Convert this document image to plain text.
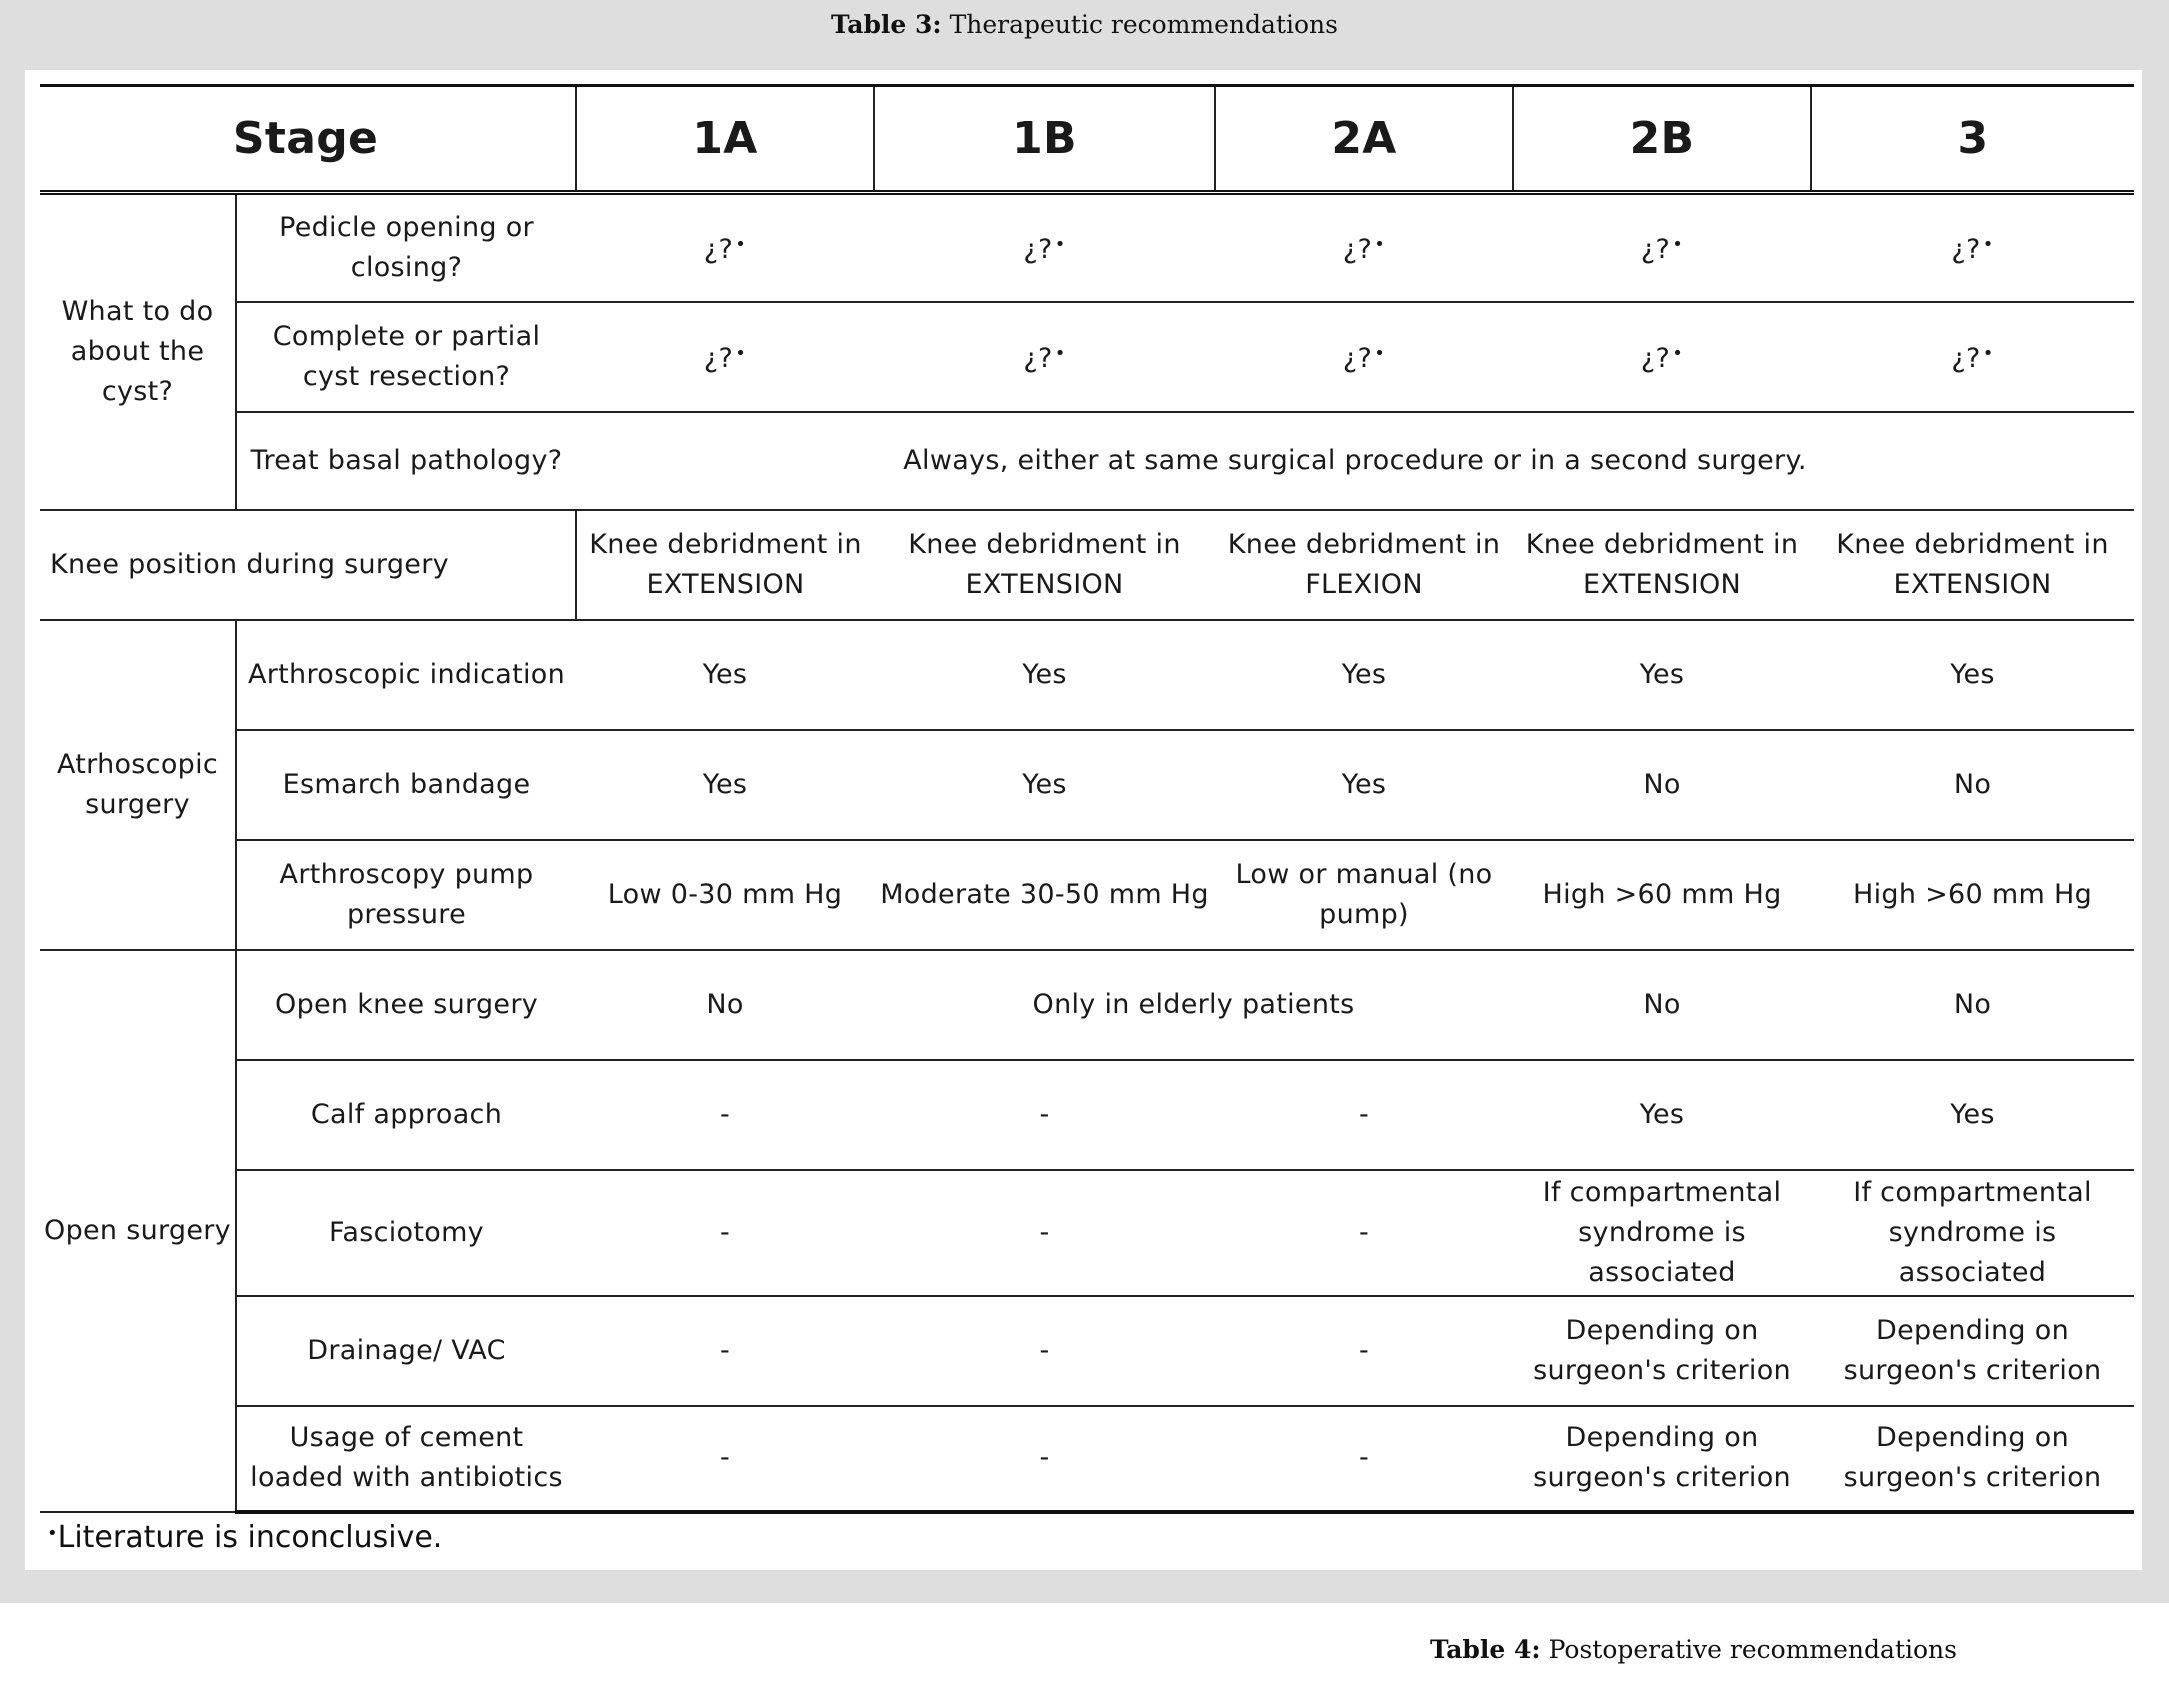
Table 3: Therapeutic recommendations
Stage		1A	1B	2A	2B	3
What to do about the cyst?	Pedicle opening or closing?	¿? •	¿? •	¿? •	¿? •	¿? •
	Complete or partial cyst resection?	¿? •	¿? •	¿? •	¿? •	¿? •
	Treat basal pathology?	Always, either at same surgical procedure or in a second surgery.				
Knee position during surgery		Knee debridment in EXTENSION	Knee debridment in EXTENSION	Knee debridment in FLEXION	Knee debridment in EXTENSION	Knee debridment in EXTENSION
Atrhoscopic surgery	Arthroscopic indication	Yes	Yes	Yes	Yes	Yes
	Esmarch bandage	Yes	Yes	Yes	No	No
	Arthroscopy pump pressure	Low 0-30 mm Hg	Moderate 30-50 mm Hg	Low or manual (no pump)	High >60 mm Hg	High >60 mm Hg
Open surgery	Open knee surgery	No	Only in elderly patients		No	No
	Calf approach	-	-	-	Yes	Yes
	Fasciotomy	-	-	-	If compartmental syndrome is associated	If compartmental syndrome is associated
	Drainage/ VAC	-	-	-	Depending on surgeon's criterion	Depending on surgeon's criterion
	Usage of cement loaded with antibiotics	-	-	-	Depending on surgeon's criterion	Depending on surgeon's criterion
•Literature is inconclusive.
Table 4: Postoperative recommendations
